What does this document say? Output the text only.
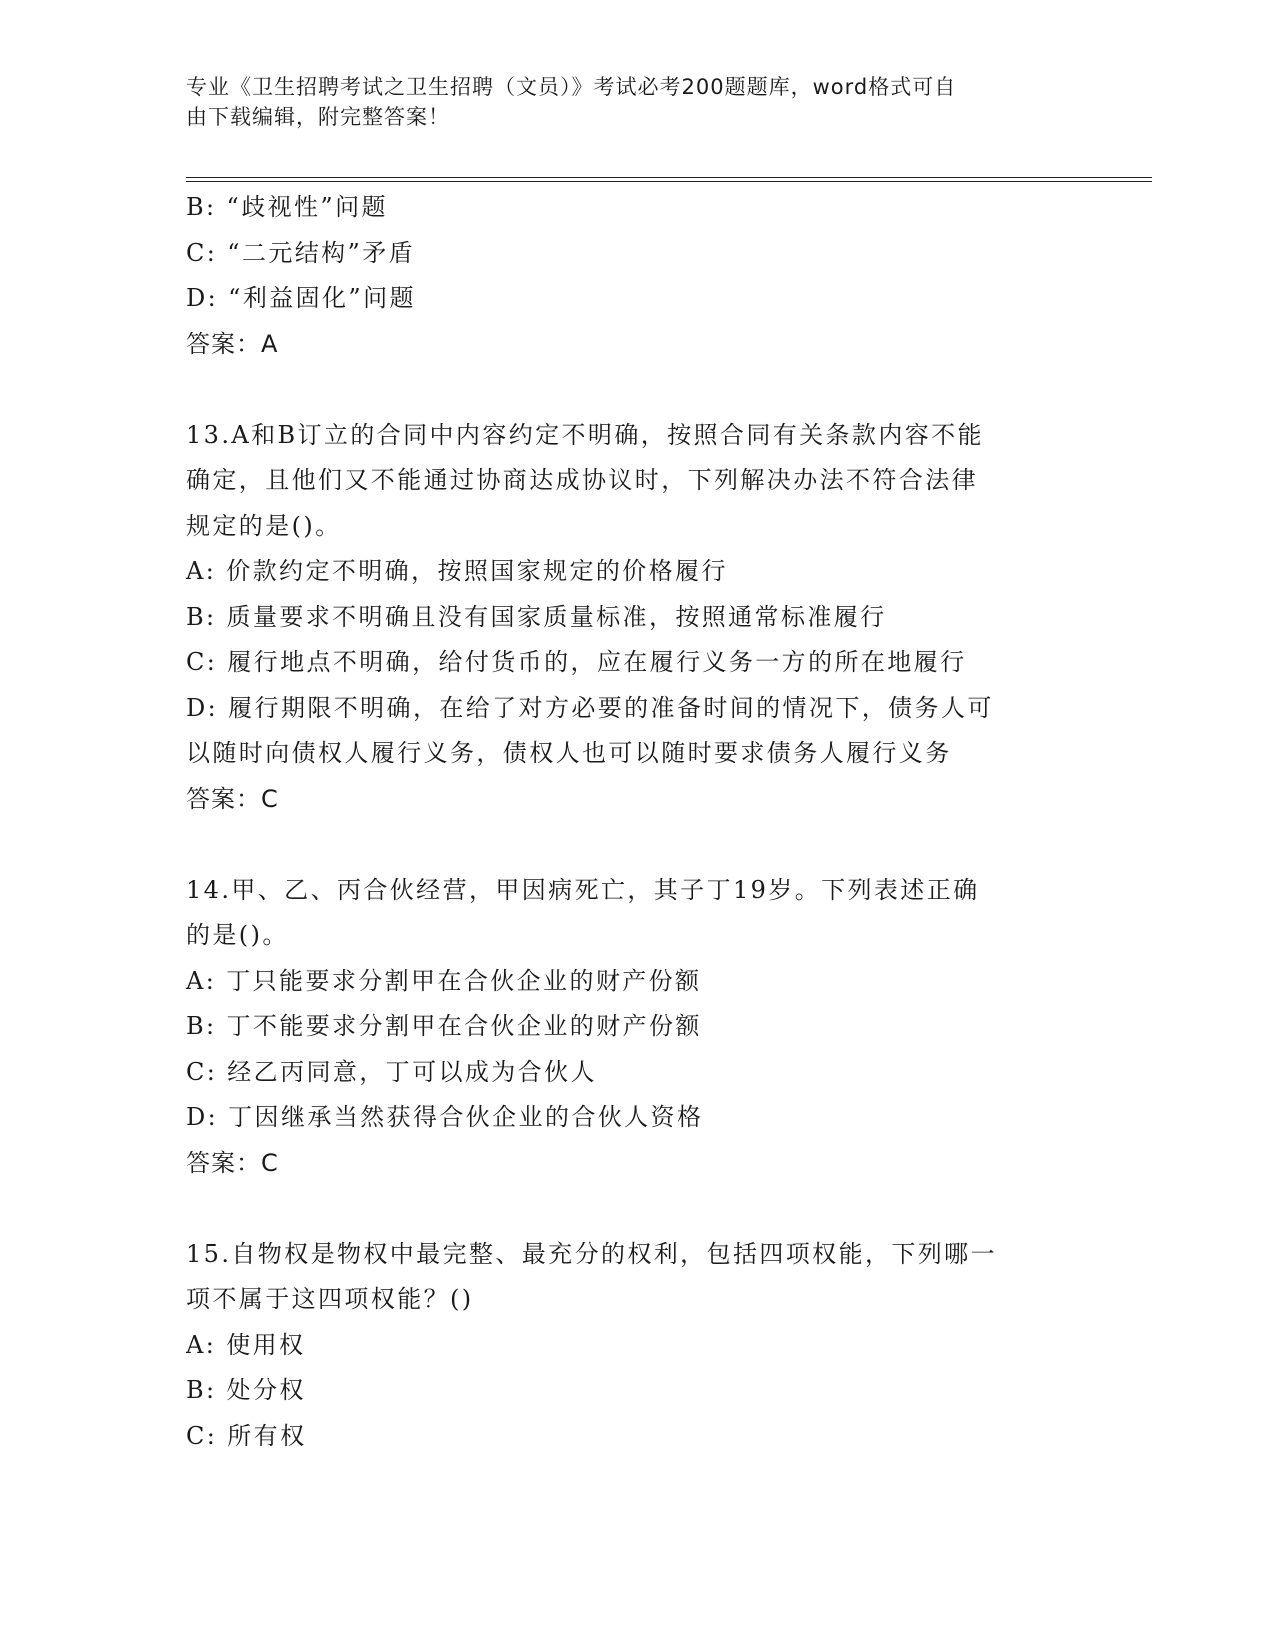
专业《卫生招聘考试之卫生招聘（文员）》考试必考200题题库，word格式可自
由下载编辑，附完整答案！
B: “歧视性”问题
C: “二元结构”矛盾
D: “利益固化”问题
答案：A
13.A和B订立的合同中内容约定不明确，按照合同有关条款内容不能
确定，且他们又不能通过协商达成协议时，下列解决办法不符合法律
规定的是()。
A: 价款约定不明确，按照国家规定的价格履行
B: 质量要求不明确且没有国家质量标准，按照通常标准履行
C: 履行地点不明确，给付货币的，应在履行义务一方的所在地履行
D: 履行期限不明确，在给了对方必要的准备时间的情况下，债务人可
以随时向债权人履行义务，债权人也可以随时要求债务人履行义务
答案：C
14.甲、乙、丙合伙经营，甲因病死亡，其子丁19岁。下列表述正确
的是()。
A: 丁只能要求分割甲在合伙企业的财产份额
B: 丁不能要求分割甲在合伙企业的财产份额
C: 经乙丙同意，丁可以成为合伙人
D: 丁因继承当然获得合伙企业的合伙人资格
答案：C
15.自物权是物权中最完整、最充分的权利，包括四项权能，下列哪一
项不属于这四项权能？()
A: 使用权
B: 处分权
C: 所有权
